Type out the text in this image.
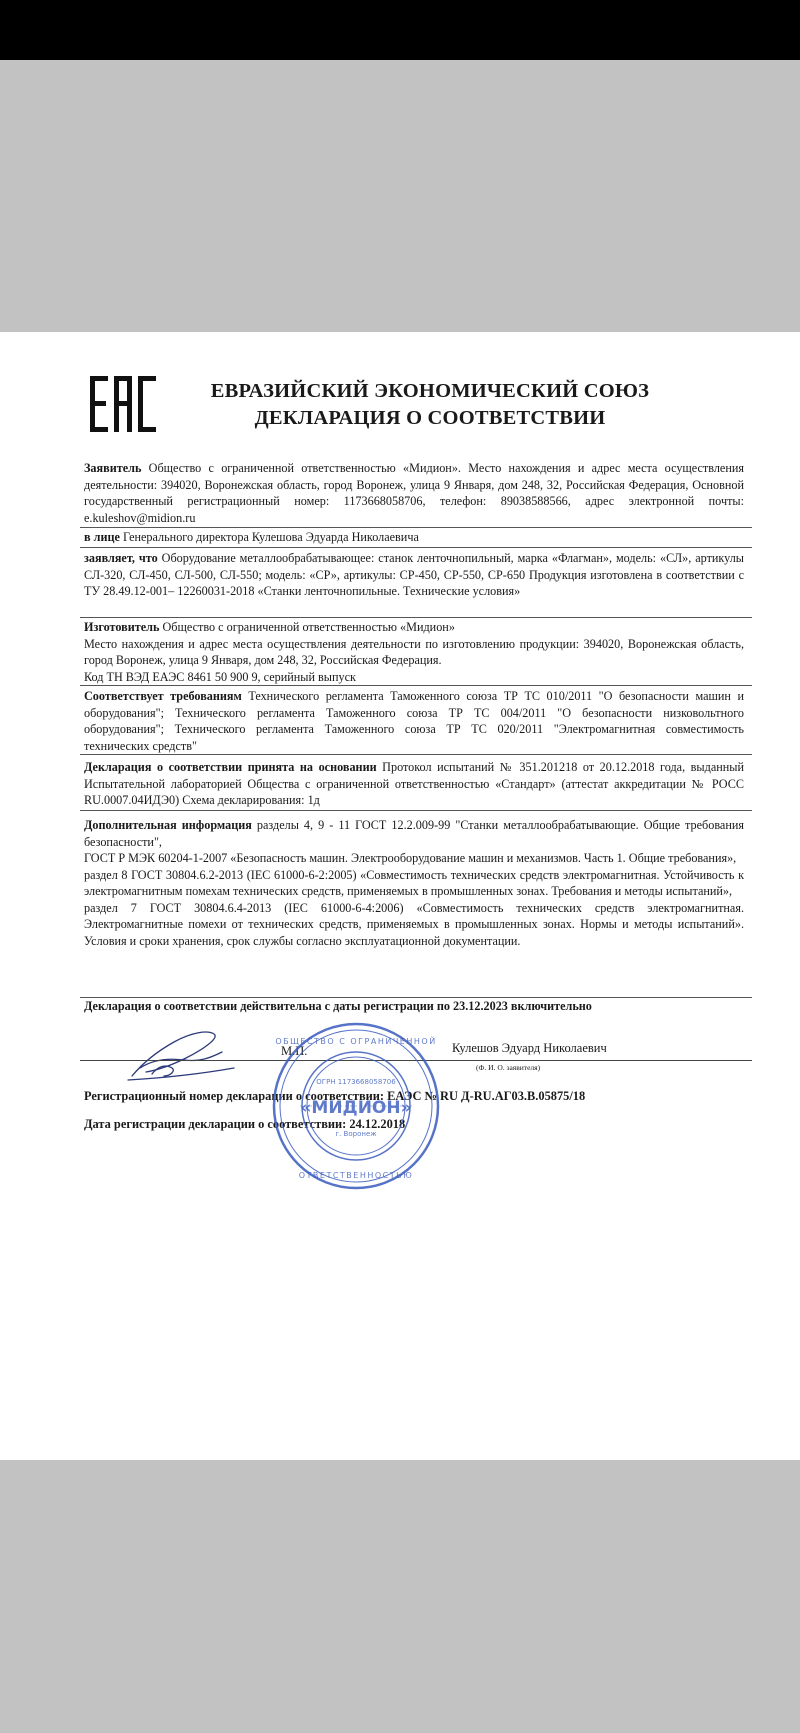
ЕВРАЗИЙСКИЙ ЭКОНОМИЧЕСКИЙ СОЮЗ
ДЕКЛАРАЦИЯ О СООТВЕТСТВИИ
Заявитель Общество с ограниченной ответственностью «Мидион». Место нахождения и адрес места осуществления деятельности: 394020, Воронежская область, город Воронеж, улица 9 Января, дом 248, 32, Российская Федерация, Основной государственный регистрационный номер: 1173668058706, телефон: 89038588566, адрес электронной почты: e.kuleshov@midion.ru
в лице Генерального директора Кулешова Эдуарда Николаевича
заявляет, что Оборудование металлообрабатывающее: станок ленточнопильный, марка «Флагман», модель: «СЛ», артикулы СЛ-320, СЛ-450, СЛ-500, СЛ-550; модель: «СР», артикулы: СР-450, СР-550, СР-650 Продукция изготовлена в соответствии с ТУ 28.49.12-001– 12260031-2018 «Станки ленточнопильные. Технические условия»

Изготовитель Общество с ограниченной ответственностью «Мидион»

Место нахождения и адрес места осуществления деятельности по изготовлению продукции: 394020, Воронежская область, город Воронеж, улица 9 Января, дом 248, 32, Российская Федерация.

Код ТН ВЭД ЕАЭС 8461 50 900 9, серийный выпуск

Соответствует требованиям Технического регламента Таможенного союза ТР ТС 010/2011 "О безопасности машин и оборудования"; Технического регламента Таможенного союза ТР ТС 004/2011 "О безопасности низковольтного оборудования"; Технического регламента Таможенного союза ТР ТС 020/2011 "Электромагнитная совместимость технических средств"
Декларация о соответствии принята на основании Протокол испытаний № 351.201218 от 20.12.2018 года, выданный Испытательной лабораторией Общества с ограниченной ответственностью «Стандарт» (аттестат аккредитации № РОСС RU.0007.04ИДЭ0) Схема декларирования: 1д

Дополнительная информация разделы 4, 9 - 11 ГОСТ 12.2.009-99 "Станки металлообрабатывающие. Общие требования безопасности",

ГОСТ Р МЭК 60204-1-2007 «Безопасность машин. Электрооборудование машин и механизмов. Часть 1. Общие требования»,

раздел 8 ГОСТ 30804.6.2-2013 (IEC 61000-6-2:2005) «Совместимость технических средств электромагнитная. Устойчивость к электромагнитным помехам технических средств, применяемых в промышленных зонах. Требования и методы испытаний»,

раздел 7 ГОСТ 30804.6.4-2013 (IEC 61000-6-4:2006) «Совместимость технических средств электромагнитная. Электромагнитные помехи от технических средств, применяемых в промышленных зонах. Нормы и методы испытаний». Условия и сроки хранения, срок службы согласно эксплуатационной документации.

Декларация о соответствии действительна с даты регистрации по 23.12.2023 включительно
М.П.	Кулешов Эдуард Николаевич
(Ф. И. О. заявителя)
Регистрационный номер декларации о соответствии: ЕАЭС № RU Д-RU.АГ03.В.05875/18
Дата регистрации декларации о соответствии: 24.12.2018
ОБЩЕСТВО С ОГРАНИЧЕННОЙ
ОТВЕТСТВЕННОСТЬЮ
ОГРН 1173668058706
г. Воронеж
«МИДИОН»
